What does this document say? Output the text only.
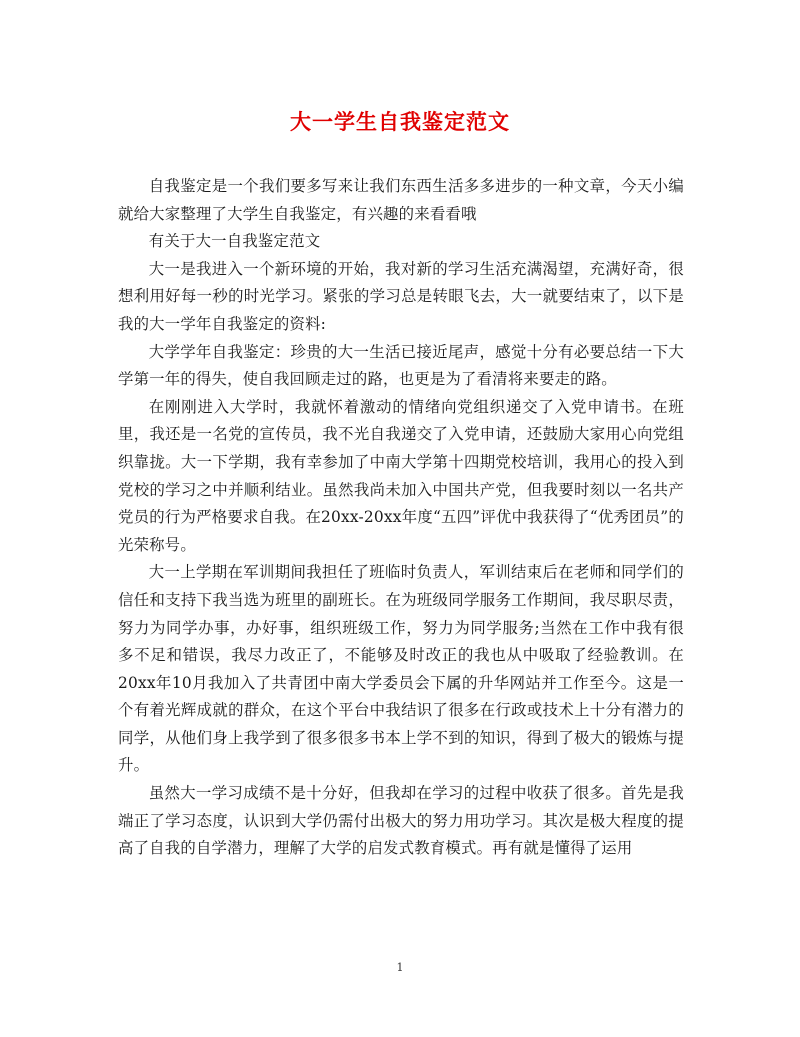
大一学生自我鉴定范文

自我鉴定是一个我们要多写来让我们东西生活多多进步的一种文章，今天小编就给大家整理了大学生自我鉴定，有兴趣的来看看哦

有关于大一自我鉴定范文

大一是我进入一个新环境的开始，我对新的学习生活充满渴望，充满好奇，很想利用好每一秒的时光学习。紧张的学习总是转眼飞去，大一就要结束了，以下是我的大一学年自我鉴定的资料:

大学学年自我鉴定：珍贵的大一生活已接近尾声，感觉十分有必要总结一下大学第一年的得失，使自我回顾走过的路，也更是为了看清将来要走的路。

在刚刚进入大学时，我就怀着激动的情绪向党组织递交了入党申请书。在班里，我还是一名党的宣传员，我不光自我递交了入党申请，还鼓励大家用心向党组织靠拢。大一下学期，我有幸参加了中南大学第十四期党校培训，我用心的投入到党校的学习之中并顺利结业。虽然我尚未加入中国共产党，但我要时刻以一名共产党员的行为严格要求自我。在20xx-20xx年度“五四”评优中我获得了“优秀团员”的光荣称号。

大一上学期在军训期间我担任了班临时负责人，军训结束后在老师和同学们的信任和支持下我当选为班里的副班长。在为班级同学服务工作期间，我尽职尽责，努力为同学办事，办好事，组织班级工作，努力为同学服务;当然在工作中我有很多不足和错误，我尽力改正了，不能够及时改正的我也从中吸取了经验教训。在20xx年10月我加入了共青团中南大学委员会下属的升华网站并工作至今。这是一个有着光辉成就的群众，在这个平台中我结识了很多在行政或技术上十分有潜力的同学，从他们身上我学到了很多很多书本上学不到的知识，得到了极大的锻炼与提升。

虽然大一学习成绩不是十分好，但我却在学习的过程中收获了很多。首先是我端正了学习态度，认识到大学仍需付出极大的努力用功学习。其次是极大程度的提高了自我的自学潜力，理解了大学的启发式教育模式。再有就是懂得了运用

1
